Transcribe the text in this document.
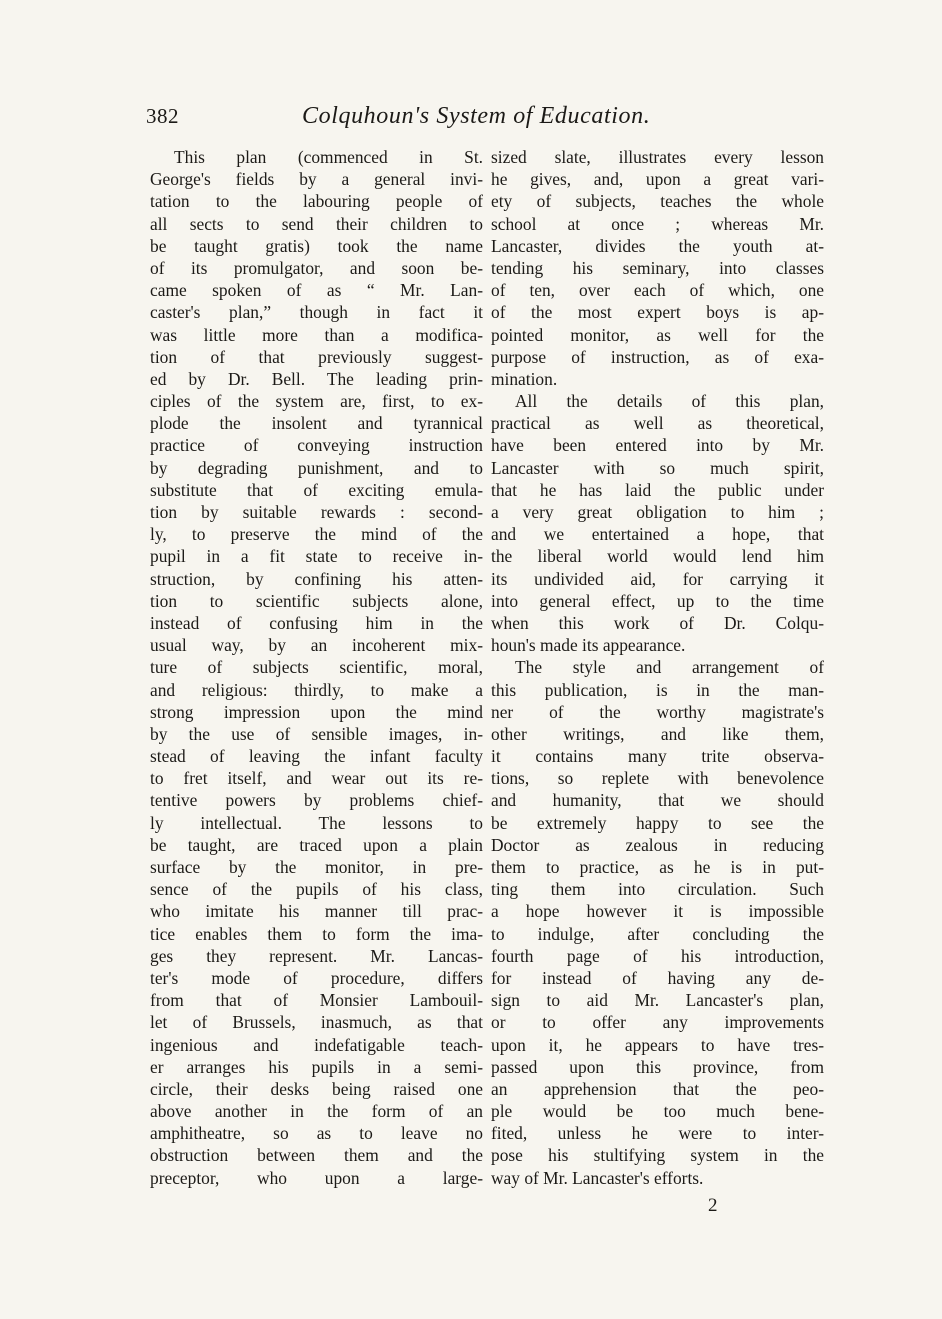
382	Colquhoun's System of Education.
This plan (commenced in St.
George's fields by a general invi-
tation to the labouring people of
all sects to send their children to
be taught gratis) took the name
of its promulgator, and soon be-
came spoken of as “ Mr. Lan-
caster's plan,” though in fact it
was little more than a modifica-
tion of that previously suggest-
ed by Dr. Bell. The leading prin-
ciples of the system are, first, to ex-
plode the insolent and tyrannical
practice of conveying instruction
by degrading punishment, and to
substitute that of exciting emula-
tion by suitable rewards : second-
ly, to preserve the mind of the
pupil in a fit state to receive in-
struction, by confining his atten-
tion to scientific subjects alone,
instead of confusing him in the
usual way, by an incoherent mix-
ture of subjects scientific, moral,
and religious: thirdly, to make a
strong impression upon the mind
by the use of sensible images, in-
stead of leaving the infant faculty
to fret itself, and wear out its re-
tentive powers by problems chief-
ly intellectual. The lessons to
be taught, are traced upon a plain
surface by the monitor, in pre-
sence of the pupils of his class,
who imitate his manner till prac-
tice enables them to form the ima-
ges they represent. Mr. Lancas-
ter's mode of procedure, differs
from that of Monsier Lambouil-
let of Brussels, inasmuch, as that
ingenious and indefatigable teach-
er arranges his pupils in a semi-
circle, their desks being raised one
above another in the form of an
amphitheatre, so as to leave no
obstruction between them and the
preceptor, who upon a large-
sized slate, illustrates every lesson
he gives, and, upon a great vari-
ety of subjects, teaches the whole
school at once ; whereas Mr.
Lancaster, divides the youth at-
tending his seminary, into classes
of ten, over each of which, one
of the most expert boys is ap-
pointed monitor, as well for the
purpose of instruction, as of exa-
mination.
All the details of this plan,
practical as well as theoretical,
have been entered into by Mr.
Lancaster with so much spirit,
that he has laid the public under
a very great obligation to him ;
and we entertained a hope, that
the liberal world would lend him
its undivided aid, for carrying it
into general effect, up to the time
when this work of Dr. Colqu-
houn's made its appearance.
The style and arrangement of
this publication, is in the man-
ner of the worthy magistrate's
other writings, and like them,
it contains many trite observa-
tions, so replete with benevolence
and humanity, that we should
be extremely happy to see the
Doctor as zealous in reducing
them to practice, as he is in put-
ting them into circulation. Such
a hope however it is impossible
to indulge, after concluding the
fourth page of his introduction,
for instead of having any de-
sign to aid Mr. Lancaster's plan,
or to offer any improvements
upon it, he appears to have tres-
passed upon this province, from
an apprehension that the peo-
ple would be too much bene-
fited, unless he were to inter-
pose his stultifying system in the
way of Mr. Lancaster's efforts.
2
